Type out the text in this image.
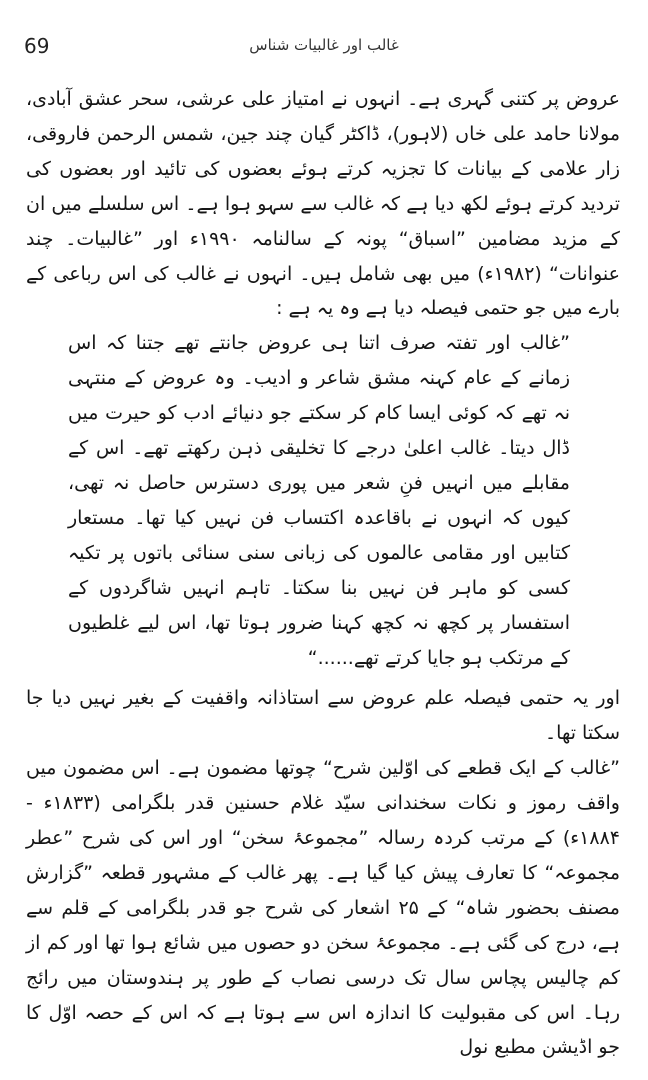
69	غالب اور غالبیات شناس

عروض پر کتنی گہری ہے۔ انہوں نے امتیاز علی عرشی، سحر عشق آبادی، مولانا حامد علی خاں (لاہور)، ڈاکٹر گیان چند جین، شمس الرحمن فاروقی، زار علامی کے بیانات کا تجزیہ کرتے ہوئے بعضوں کی تائید اور بعضوں کی تردید کرتے ہوئے لکھ دیا ہے کہ غالب سے سہو ہوا ہے۔ اس سلسلے میں ان کے مزید مضامین ”اسباق“ پونہ کے سالنامہ ۱۹۹۰ء اور ”غالبیات۔ چند عنوانات“ (۱۹۸۲ء) میں بھی شامل ہیں۔ انہوں نے غالب کی اس رباعی کے بارے میں جو حتمی فیصلہ دیا ہے وہ یہ ہے :

”غالب اور تفتہ صرف اتنا ہی عروض جانتے تھے جتنا کہ اس زمانے کے عام کہنہ مشق شاعر و ادیب۔ وہ عروض کے منتہی نہ تھے کہ کوئی ایسا کام کر سکتے جو دنیائے ادب کو حیرت میں ڈال دیتا۔ غالب اعلیٰ درجے کا تخلیقی ذہن رکھتے تھے۔ اس کے مقابلے میں انہیں فنِ شعر میں پوری دسترس حاصل نہ تھی، کیوں کہ انہوں نے باقاعدہ اکتساب فن نہیں کیا تھا۔ مستعار کتابیں اور مقامی عالموں کی زبانی سنی سنائی باتوں پر تکیہ کسی کو ماہر فن نہیں بنا سکتا۔ تاہم انہیں شاگردوں کے استفسار پر کچھ نہ کچھ کہنا ضرور ہوتا تھا، اس لیے غلطیوں کے مرتکب ہو جایا کرتے تھے......“

اور یہ حتمی فیصلہ علم عروض سے استاذانہ واقفیت کے بغیر نہیں دیا جا سکتا تھا۔

”غالب کے ایک قطعے کی اوّلین شرح“ چوتھا مضمون ہے۔ اس مضمون میں واقف رموز و نکات سخندانی سیّد غلام حسنین قدر بلگرامی (۱۸۳۳ء - ۱۸۸۴ء) کے مرتب کردہ رسالہ ”مجموعۂ سخن“ اور اس کی شرح ”عطر مجموعہ“ کا تعارف پیش کیا گیا ہے۔ پھر غالب کے مشہور قطعہ ”گزارش مصنف بحضور شاہ“ کے ۲۵ اشعار کی شرح جو قدر بلگرامی کے قلم سے ہے، درج کی گئی ہے۔ مجموعۂ سخن دو حصوں میں شائع ہوا تھا اور کم از کم چالیس پچاس سال تک درسی نصاب کے طور پر ہندوستان میں رائج رہا۔ اس کی مقبولیت کا اندازہ اس سے ہوتا ہے کہ اس کے حصہ اوّل کا جو اڈیشن مطبع نول
